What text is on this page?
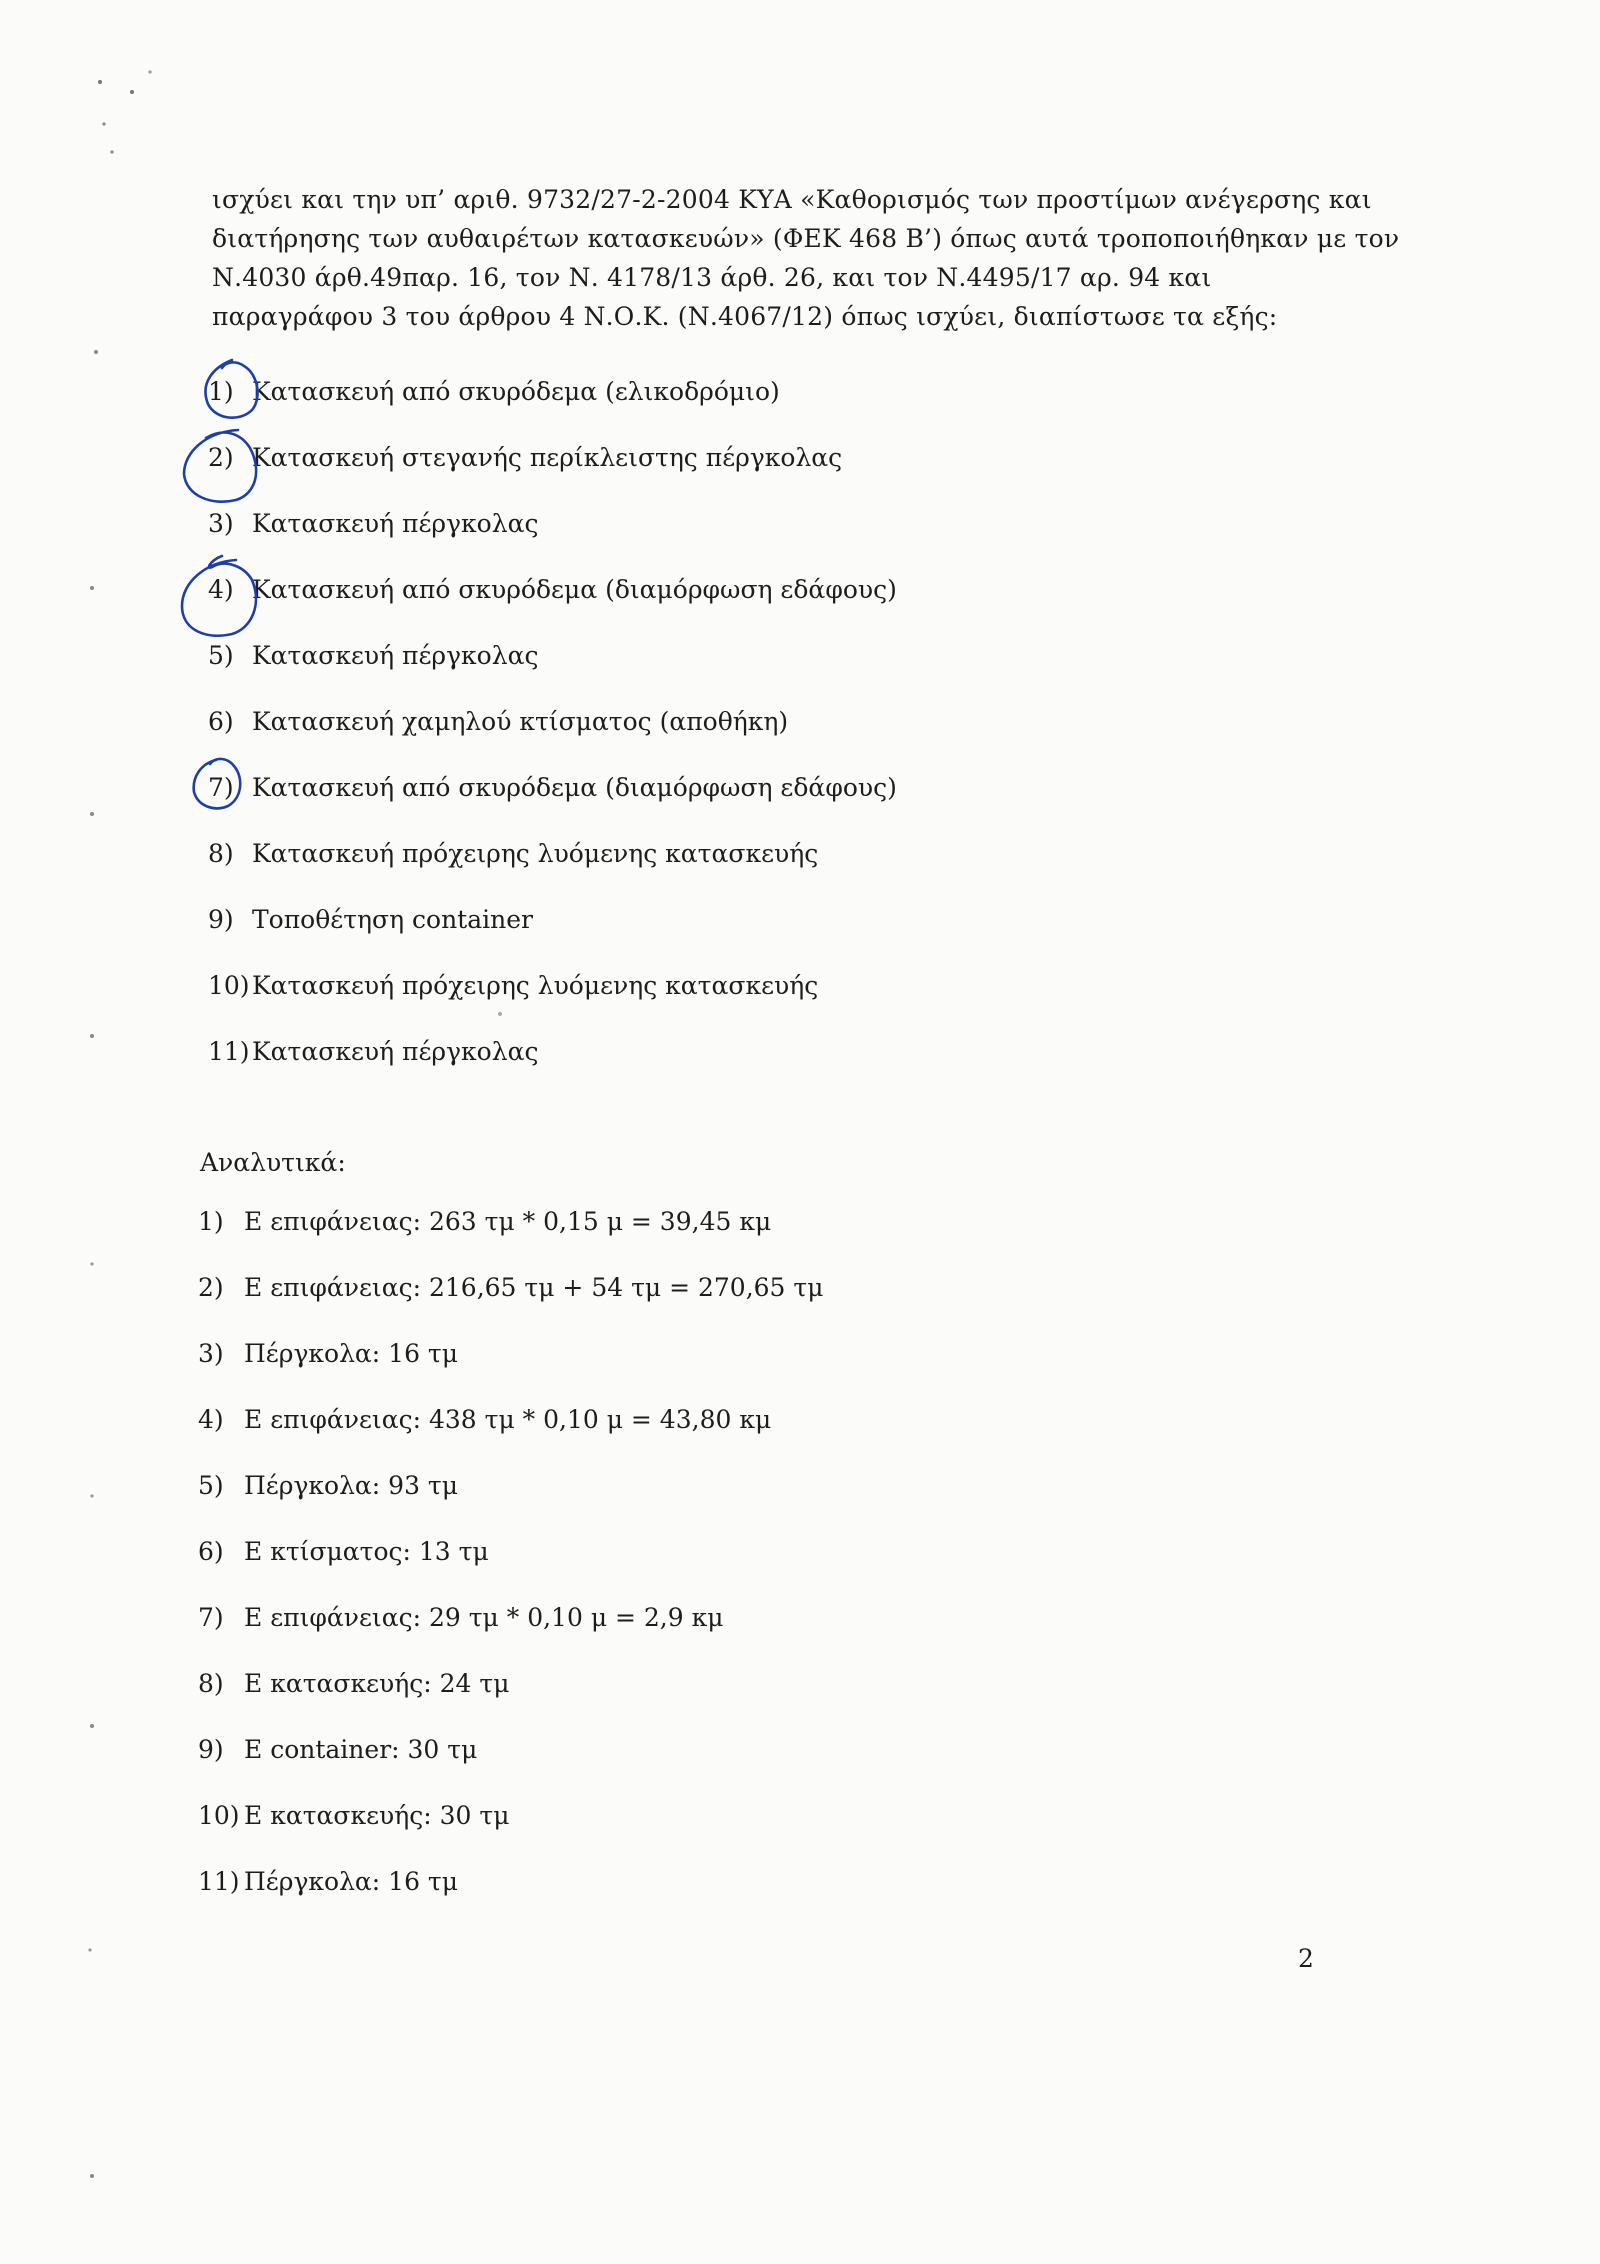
ισχύει και την υπ’ αριθ. 9732/27-2-2004 ΚΥΑ «Καθορισμός των προστίμων ανέγερσης και
διατήρησης των αυθαιρέτων κατασκευών» (ΦΕΚ 468 Β’) όπως αυτά τροποποιήθηκαν με τον
Ν.4030 άρθ.49παρ. 16, τον Ν. 4178/13 άρθ. 26, και τον Ν.4495/17 αρ. 94 και
παραγράφου 3 του άρθρου 4 Ν.Ο.Κ. (Ν.4067/12) όπως ισχύει, διαπίστωσε τα εξής:

1) Κατασκευή από σκυρόδεμα (ελικοδρόμιο)
2) Κατασκευή στεγανής περίκλειστης πέργκολας
3) Κατασκευή πέργκολας
4) Κατασκευή από σκυρόδεμα (διαμόρφωση εδάφους)
5) Κατασκευή πέργκολας
6) Κατασκευή χαμηλού κτίσματος (αποθήκη)
7) Κατασκευή από σκυρόδεμα (διαμόρφωση εδάφους)
8) Κατασκευή πρόχειρης λυόμενης κατασκευής
9) Τοποθέτηση container
10)Κατασκευή πρόχειρης λυόμενης κατασκευής
11)Κατασκευή πέργκολας
Αναλυτικά:
1) Ε επιφάνειας: 263 τμ * 0,15 μ = 39,45 κμ
2) Ε επιφάνειας: 216,65 τμ + 54 τμ = 270,65 τμ
3) Πέργκολα: 16 τμ
4) Ε επιφάνειας: 438 τμ * 0,10 μ = 43,80 κμ
5) Πέργκολα: 93 τμ
6) Ε κτίσματος: 13 τμ
7) Ε επιφάνειας: 29 τμ * 0,10 μ = 2,9 κμ
8) Ε κατασκευής: 24 τμ
9) Ε container: 30 τμ
10) Ε κατασκευής: 30 τμ
11) Πέργκολα: 16 τμ
2
